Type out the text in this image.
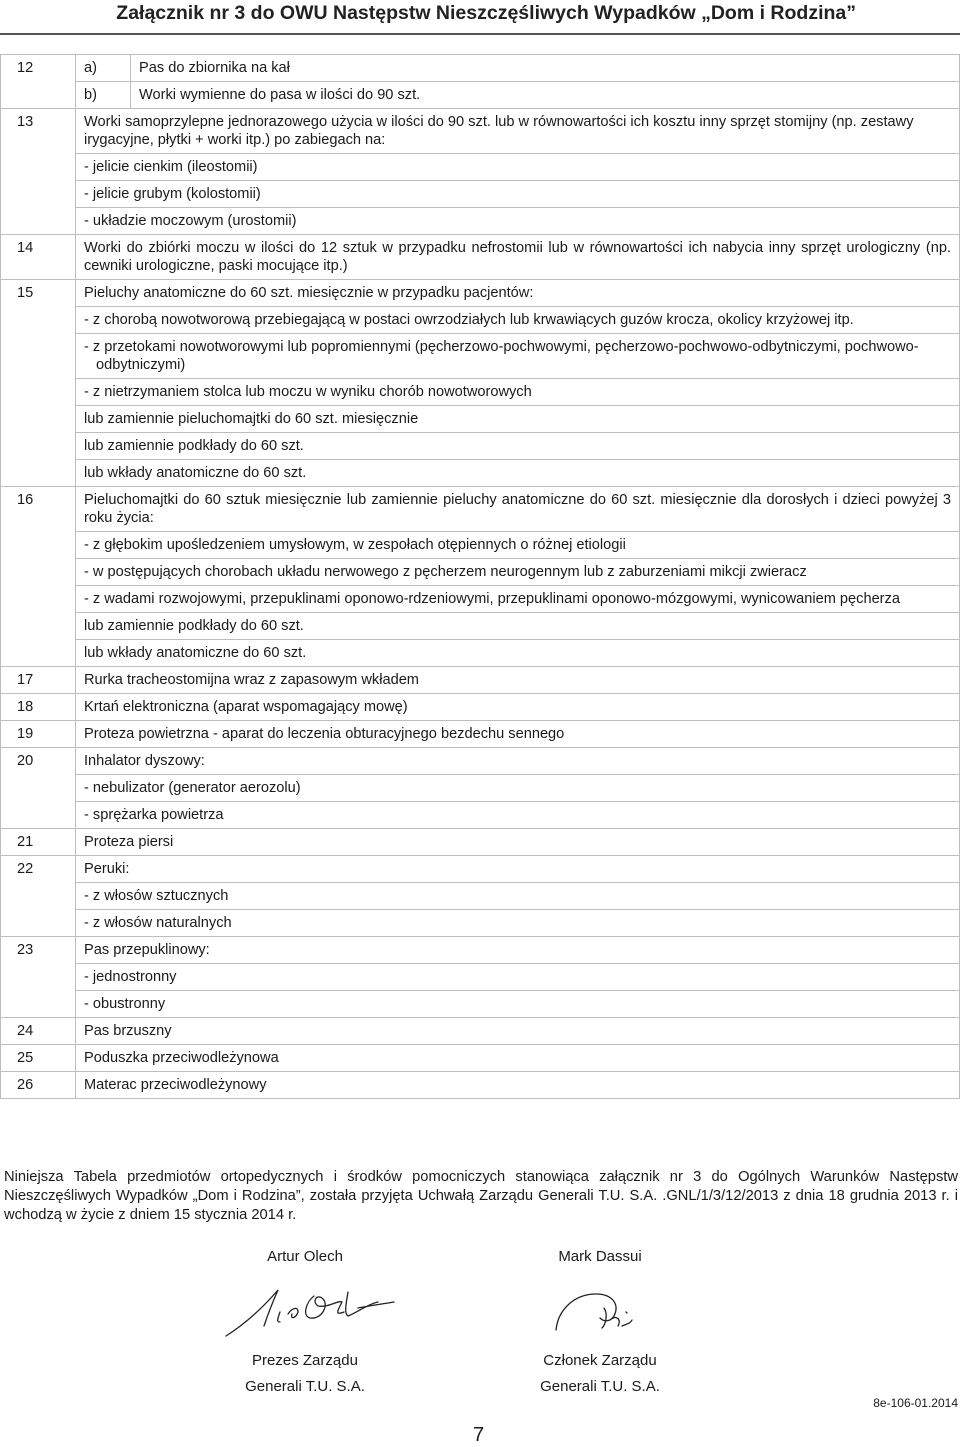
Załącznik nr 3 do OWU Następstw Nieszczęśliwych Wypadków „Dom i Rodzina”
12	a)	Pas do zbiornika na kał
	b)	Worki wymienne do pasa w ilości do 90 szt.
13	Worki samoprzylepne jednorazowego użycia w ilości do 90 szt. lub w równowartości ich kosztu inny sprzęt stomijny (np. zestawy irygacyjne, płytki + worki itp.) po zabiegach na:	
	- jelicie cienkim (ileostomii)	
	- jelicie grubym (kolostomii)	
	- układzie moczowym (urostomii)	
14	Worki do zbiórki moczu w ilości do 12 sztuk w przypadku nefrostomii lub w równowartości ich nabycia inny sprzęt urologiczny (np. cewniki urologiczne, paski mocujące itp.)	
15	Pieluchy anatomiczne do 60 szt. miesięcznie w przypadku pacjentów:	

	- z chorobą nowotworową przebiegającą w postaci owrzodziałych lub krwawiących guzów krocza, okolicy krzyżowej itp.	

	- z przetokami nowotworowymi lub popromiennymi (pęcherzowo-pochwowymi, pęcherzowo-pochwowo-odbytniczymi, pochwowo-odbytniczymi)	

	- z nietrzymaniem stolca lub moczu w wyniku chorób nowotworowych	
	lub zamiennie pieluchomajtki do 60 szt. miesięcznie	
	lub zamiennie podkłady do 60 szt.	
	lub wkłady anatomiczne do 60 szt.	
16	Pieluchomajtki do 60 sztuk miesięcznie lub zamiennie pieluchy anatomiczne do 60 szt. miesięcznie dla dorosłych i dzieci powyżej 3 roku życia:	
	- z głębokim upośledzeniem umysłowym, w zespołach otępiennych o różnej etiologii	
	- w postępujących chorobach układu nerwowego z pęcherzem neurogennym lub z zaburzeniami mikcji zwieracz	

	- z wadami rozwojowymi, przepuklinami oponowo-rdzeniowymi, przepuklinami oponowo-mózgowymi, wynicowaniem pęcherza	

	lub zamiennie podkłady do 60 szt.	
	lub wkłady anatomiczne do 60 szt.	
17	Rurka tracheostomijna wraz z zapasowym wkładem	
18	Krtań elektroniczna (aparat wspomagający mowę)	
19	Proteza powietrzna - aparat do leczenia obturacyjnego bezdechu sennego	
20	Inhalator dyszowy:	
	- nebulizator (generator aerozolu)	
	- sprężarka powietrza	
21	Proteza piersi	
22	Peruki:	
	- z włosów sztucznych	
	- z włosów naturalnych	
23	Pas przepuklinowy:	
	- jednostronny	
	- obustronny	
24	Pas brzuszny	
25	Poduszka przeciwodleżynowa	
26	Materac przeciwodleżynowy	
Niniejsza Tabela przedmiotów ortopedycznych i środków pomocniczych stanowiąca załącznik nr 3 do Ogólnych Warunków Następstw Nieszczęśliwych Wypadków „Dom i Rodzina”, została przyjęta Uchwałą Zarządu Generali T.U. S.A. .GNL/1/3/12/2013 z dnia 18 grudnia 2013 r. i wchodzą w życie z dniem 15 stycznia 2014 r.
Artur Olech	Mark Dassui
Prezes Zarządu	Członek Zarządu
Generali T.U. S.A.	Generali T.U. S.A.
8e-106-01.2014
7
